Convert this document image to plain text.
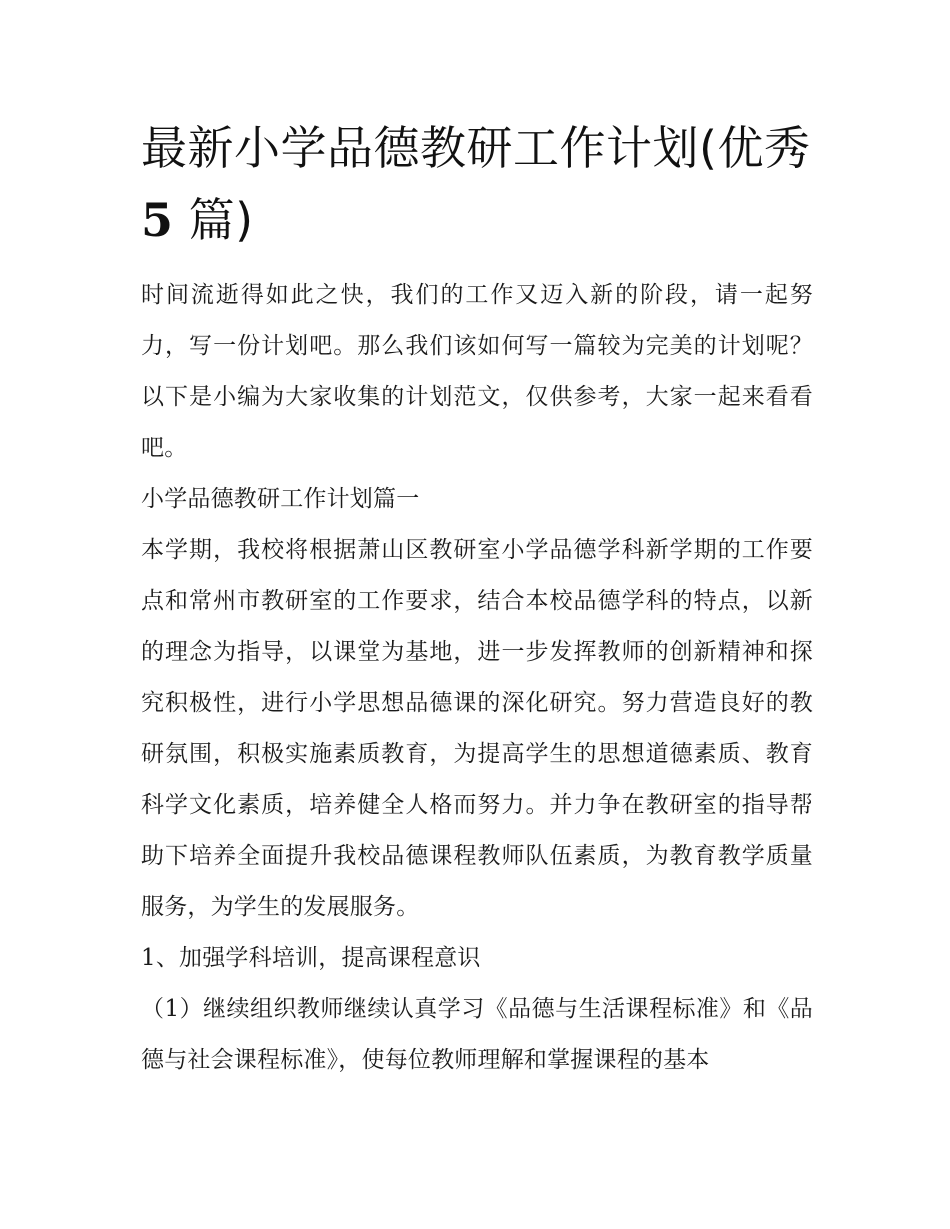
最新小学品德教研工作计划(优秀5 篇)

时间流逝得如此之快，我们的工作又迈入新的阶段，请一起努力，写一份计划吧。那么我们该如何写一篇较为完美的计划呢？以下是小编为大家收集的计划范文，仅供参考，大家一起来看看吧。

小学品德教研工作计划篇一

本学期，我校将根据萧山区教研室小学品德学科新学期的工作要点和常州市教研室的工作要求，结合本校品德学科的特点，以新的理念为指导，以课堂为基地，进一步发挥教师的创新精神和探究积极性，进行小学思想品德课的深化研究。努力营造良好的教研氛围，积极实施素质教育，为提高学生的思想道德素质、教育科学文化素质，培养健全人格而努力。并力争在教研室的指导帮助下培养全面提升我校品德课程教师队伍素质，为教育教学质量服务，为学生的发展服务。

1、加强学科培训，提高课程意识

（1）继续组织教师继续认真学习《品德与生活课程标准》和《品德与社会课程标准》，使每位教师理解和掌握课程的基本
